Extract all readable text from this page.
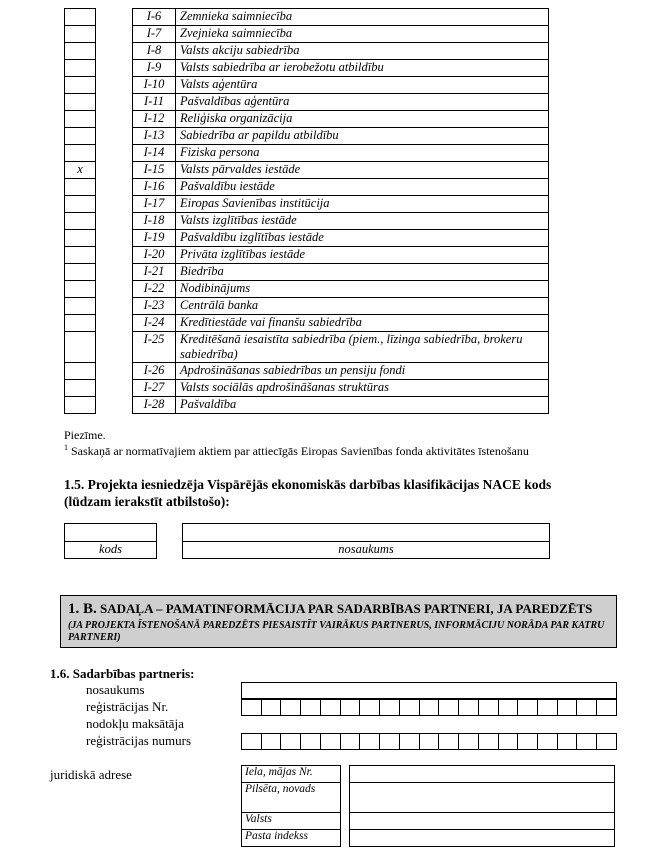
		I-6	Zemnieka saimniecība
		I-7	Zvejnieka saimniecība
		I-8	Valsts akciju sabiedrība
		I-9	Valsts sabiedrība ar ierobežotu atbildību
		I-10	Valsts aģentūra
		I-11	Pašvaldības aģentūra
		I-12	Reliģiska organizācija
		I-13	Sabiedrība ar papildu atbildību
		I-14	Fiziska persona
x		I-15	Valsts pārvaldes iestāde
		I-16	Pašvaldību iestāde
		I-17	Eiropas Savienības institūcija
		I-18	Valsts izglītības iestāde
		I-19	Pašvaldību izglītības iestāde
		I-20	Privāta izglītības iestāde
		I-21	Biedrība
		I-22	Nodibinājums
		I-23	Centrālā banka
		I-24	Kredītiestāde vai finanšu sabiedrība
		I-25	Kreditēšanā iesaistīta sabiedrība (piem., līzinga sabiedrība, brokeru sabiedrība)
		I-26	Apdrošināšanas sabiedrības un pensiju fondi
		I-27	Valsts sociālās apdrošināšanas struktūras
		I-28	Pašvaldība
Piezīme.
$^1$ Saskaņā ar normatīvajiem aktiem par attiecīgās Eiropas Savienības fonda aktivitātes īstenošanu
1.5. Projekta iesniedzēja Vispārējās ekonomiskās darbības klasifikācijas NACE kods (lūdzam ierakstīt atbilstošo):
kods	nosaukums
1. B. SADAĻA – PAMATINFORMĀCIJA PAR SADARBĪBAS PARTNERI, JA PAREDZĒTS
(JA PROJEKTA ĪSTENOŠANĀ PAREDZĒTS PIESAISTĪT VAIRĀKUS PARTNERUS, INFORMĀCIJU NORĀDA PAR KATRU PARTNERI)
1.6. Sadarbības partneris:
nosaukums
reģistrācijas Nr.
nodokļu maksātāja
reģistrācijas numurs
juridiskā adrese	Iela, mājas Nr.		
Pilsēta, novads		
Valsts		
Pasta indekss		
